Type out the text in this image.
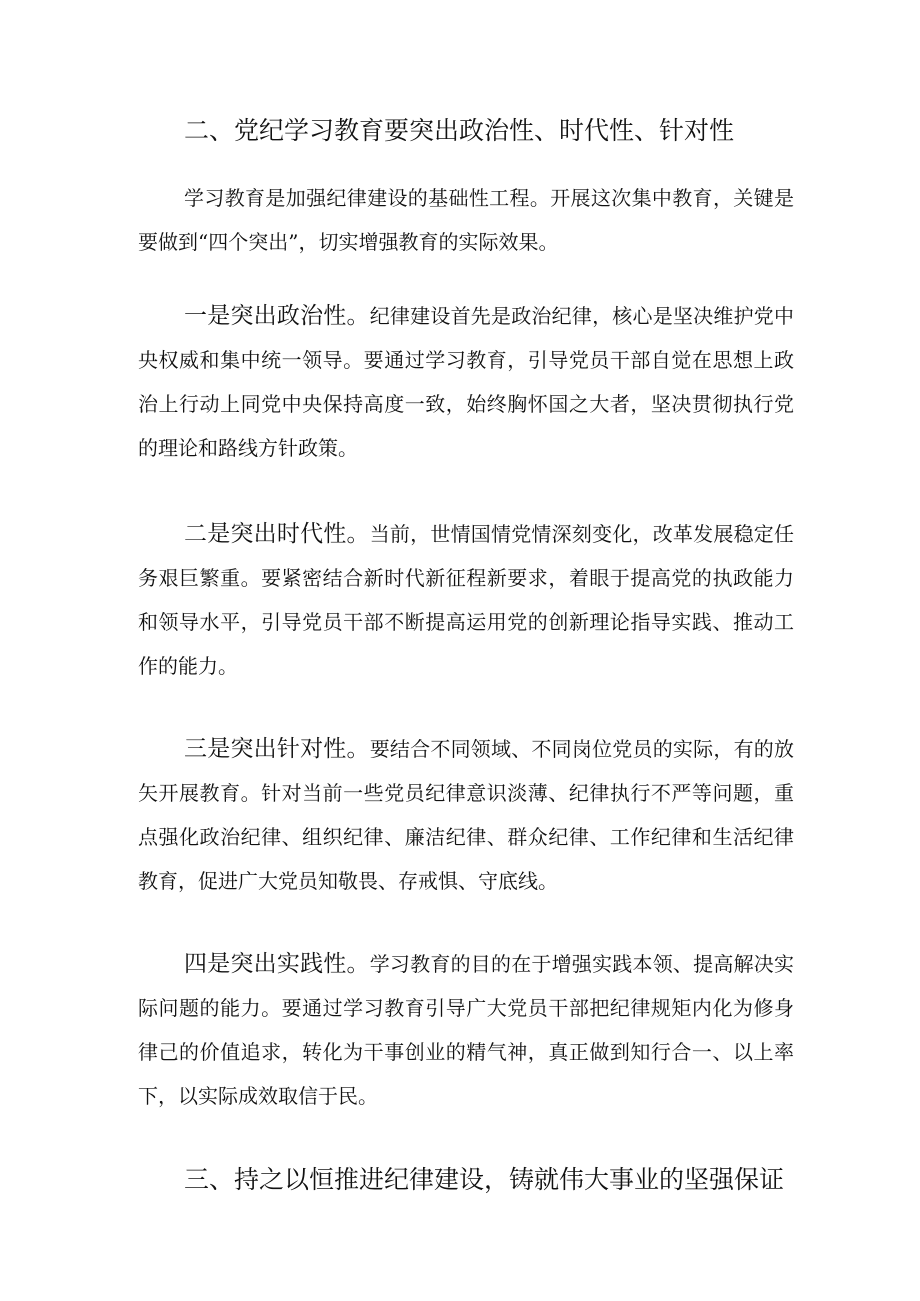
二、党纪学习教育要突出政治性、时代性、针对性

学习教育是加强纪律建设的基础性工程。开展这次集中教育，关键是要做到“四个突出”，切实增强教育的实际效果。

一是突出政治性。纪律建设首先是政治纪律，核心是坚决维护党中央权威和集中统一领导。要通过学习教育，引导党员干部自觉在思想上政治上行动上同党中央保持高度一致，始终胸怀国之大者，坚决贯彻执行党的理论和路线方针政策。

二是突出时代性。当前，世情国情党情深刻变化，改革发展稳定任务艰巨繁重。要紧密结合新时代新征程新要求，着眼于提高党的执政能力和领导水平，引导党员干部不断提高运用党的创新理论指导实践、推动工作的能力。

三是突出针对性。要结合不同领域、不同岗位党员的实际，有的放矢开展教育。针对当前一些党员纪律意识淡薄、纪律执行不严等问题，重点强化政治纪律、组织纪律、廉洁纪律、群众纪律、工作纪律和生活纪律教育，促进广大党员知敬畏、存戒惧、守底线。

四是突出实践性。学习教育的目的在于增强实践本领、提高解决实际问题的能力。要通过学习教育引导广大党员干部把纪律规矩内化为修身律己的价值追求，转化为干事创业的精气神，真正做到知行合一、以上率下，以实际成效取信于民。

三、持之以恒推进纪律建设，铸就伟大事业的坚强保证
